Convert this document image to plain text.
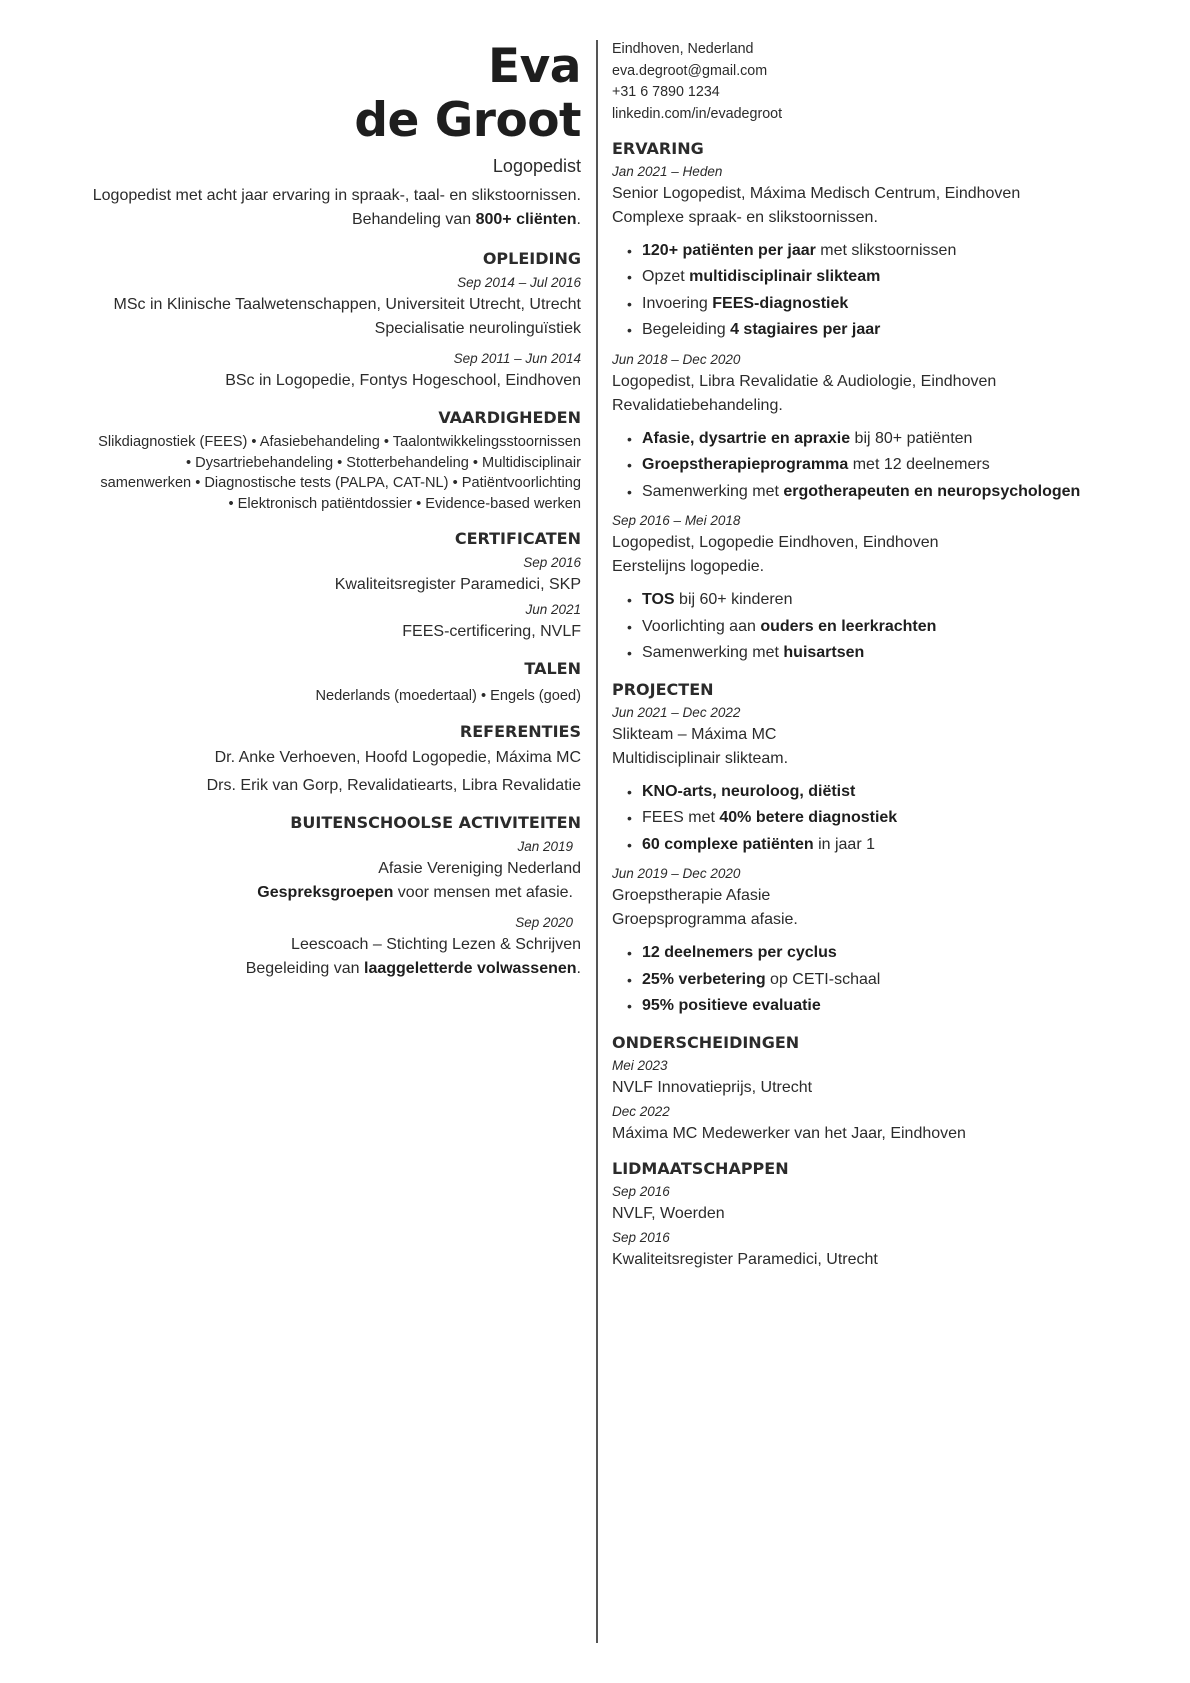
Eva
de Groot
Logopedist
Logopedist met acht jaar ervaring in spraak-, taal- en slikstoornissen. Behandeling van 800+ cliënten.
OPLEIDING
Sep 2014 – Jul 2016
MSc in Klinische Taalwetenschappen, Universiteit Utrecht, Utrecht
Specialisatie neurolinguïstiek
Sep 2011 – Jun 2014
BSc in Logopedie, Fontys Hogeschool, Eindhoven
VAARDIGHEDEN
Slikdiagnostiek (FEES) • Afasiebehandeling • Taalontwikkelingsstoornissen
• Dysartriebehandeling • Stotterbehandeling • Multidisciplinair
samenwerken • Diagnostische tests (PALPA, CAT-NL) • Patiëntvoorlichting
• Elektronisch patiëntdossier • Evidence-based werken
CERTIFICATEN
Sep 2016
Kwaliteitsregister Paramedici, SKP
Jun 2021
FEES-certificering, NVLF
TALEN
Nederlands (moedertaal) • Engels (goed)
REFERENTIES
Dr. Anke Verhoeven, Hoofd Logopedie, Máxima MC
Drs. Erik van Gorp, Revalidatiearts, Libra Revalidatie
BUITENSCHOOLSE ACTIVITEITEN
Jan 2019
Afasie Vereniging Nederland
Gespreksgroepen voor mensen met afasie.
Sep 2020
Leescoach – Stichting Lezen & Schrijven
Begeleiding van laaggeletterde volwassenen.
Eindhoven, Nederland
eva.degroot@gmail.com
+31 6 7890 1234
linkedin.com/in/evadegroot
ERVARING
Jan 2021 – Heden
Senior Logopedist, Máxima Medisch Centrum, Eindhoven
Complexe spraak- en slikstoornissen.
• 120+ patiënten per jaar met slikstoornissen
• Opzet multidisciplinair slikteam
• Invoering FEES-diagnostiek
• Begeleiding 4 stagiaires per jaar
Jun 2018 – Dec 2020
Logopedist, Libra Revalidatie & Audiologie, Eindhoven
Revalidatiebehandeling.
• Afasie, dysartrie en apraxie bij 80+ patiënten
• Groepstherapieprogramma met 12 deelnemers
• Samenwerking met ergotherapeuten en neuropsychologen
Sep 2016 – Mei 2018
Logopedist, Logopedie Eindhoven, Eindhoven
Eerstelijns logopedie.
• TOS bij 60+ kinderen
• Voorlichting aan ouders en leerkrachten
• Samenwerking met huisartsen
PROJECTEN
Jun 2021 – Dec 2022
Slikteam – Máxima MC
Multidisciplinair slikteam.
• KNO-arts, neuroloog, diëtist
• FEES met 40% betere diagnostiek
• 60 complexe patiënten in jaar 1
Jun 2019 – Dec 2020
Groepstherapie Afasie
Groepsprogramma afasie.
• 12 deelnemers per cyclus
• 25% verbetering op CETI-schaal
• 95% positieve evaluatie
ONDERSCHEIDINGEN
Mei 2023
NVLF Innovatieprijs, Utrecht
Dec 2022
Máxima MC Medewerker van het Jaar, Eindhoven
LIDMAATSCHAPPEN
Sep 2016
NVLF, Woerden
Sep 2016
Kwaliteitsregister Paramedici, Utrecht
